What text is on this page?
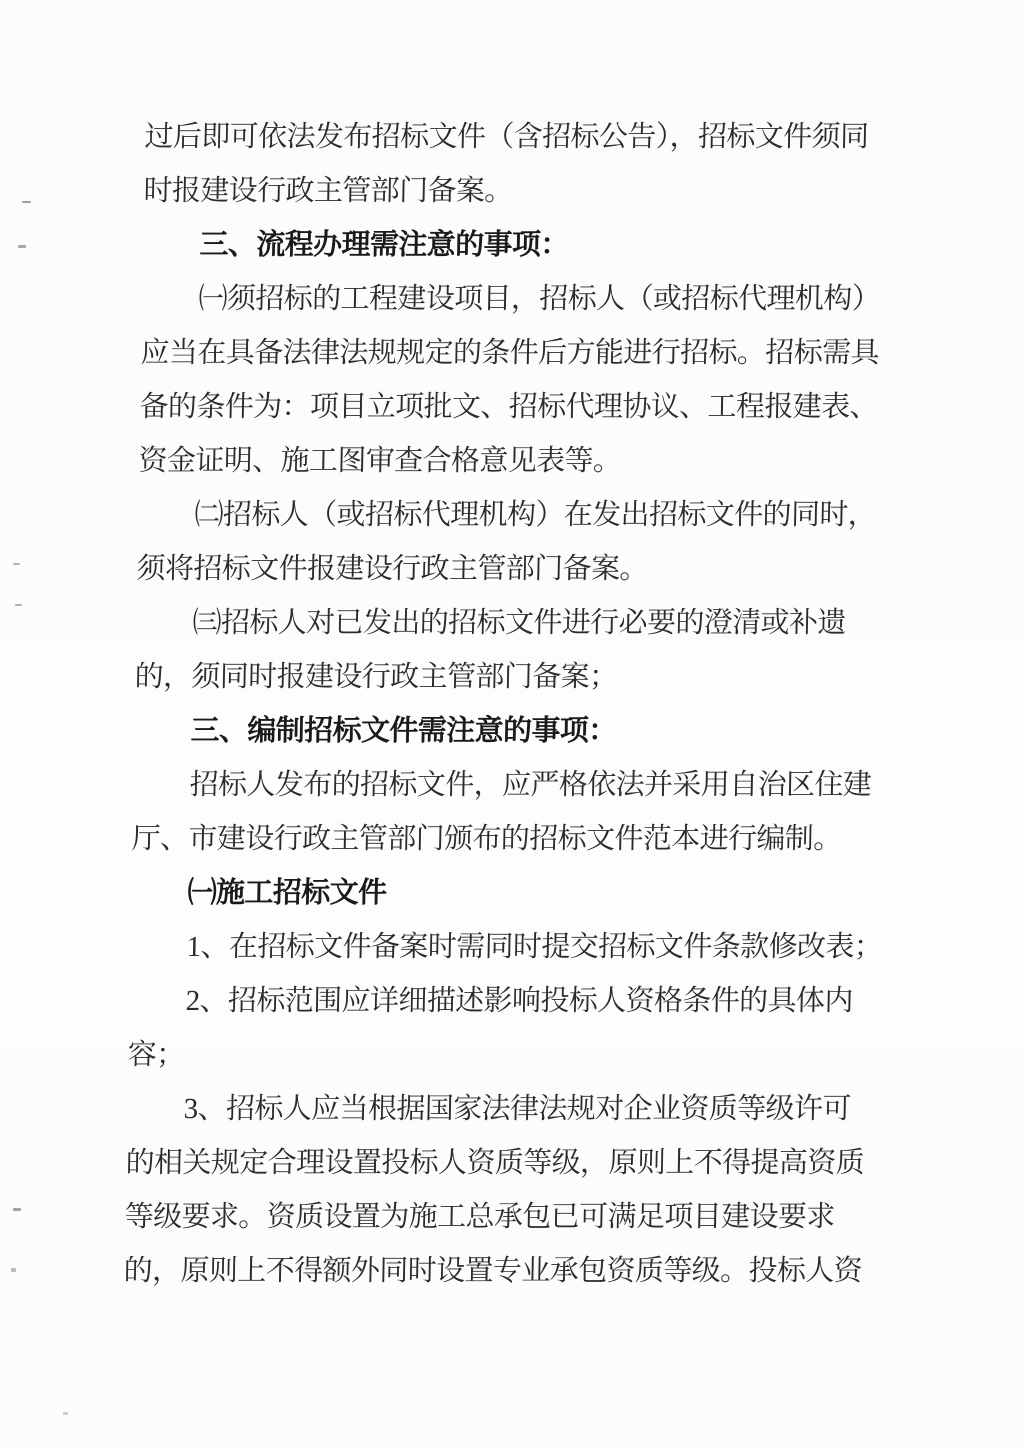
过后即可依法发布招标文件（含招标公告），招标文件须同
时报建设行政主管部门备案。
三、流程办理需注意的事项：
㈠须招标的工程建设项目，招标人（或招标代理机构）
应当在具备法律法规规定的条件后方能进行招标。招标需具
备的条件为：项目立项批文、招标代理协议、工程报建表、
资金证明、施工图审查合格意见表等。
㈡招标人（或招标代理机构）在发出招标文件的同时，
须将招标文件报建设行政主管部门备案。
㈢招标人对已发出的招标文件进行必要的澄清或补遗
的，须同时报建设行政主管部门备案；
三、编制招标文件需注意的事项：
招标人发布的招标文件，应严格依法并采用自治区住建
厅、市建设行政主管部门颁布的招标文件范本进行编制。
㈠施工招标文件
1、在招标文件备案时需同时提交招标文件条款修改表；
2、招标范围应详细描述影响投标人资格条件的具体内
容；
3、招标人应当根据国家法律法规对企业资质等级许可
的相关规定合理设置投标人资质等级，原则上不得提高资质
等级要求。资质设置为施工总承包已可满足项目建设要求
的，原则上不得额外同时设置专业承包资质等级。投标人资
